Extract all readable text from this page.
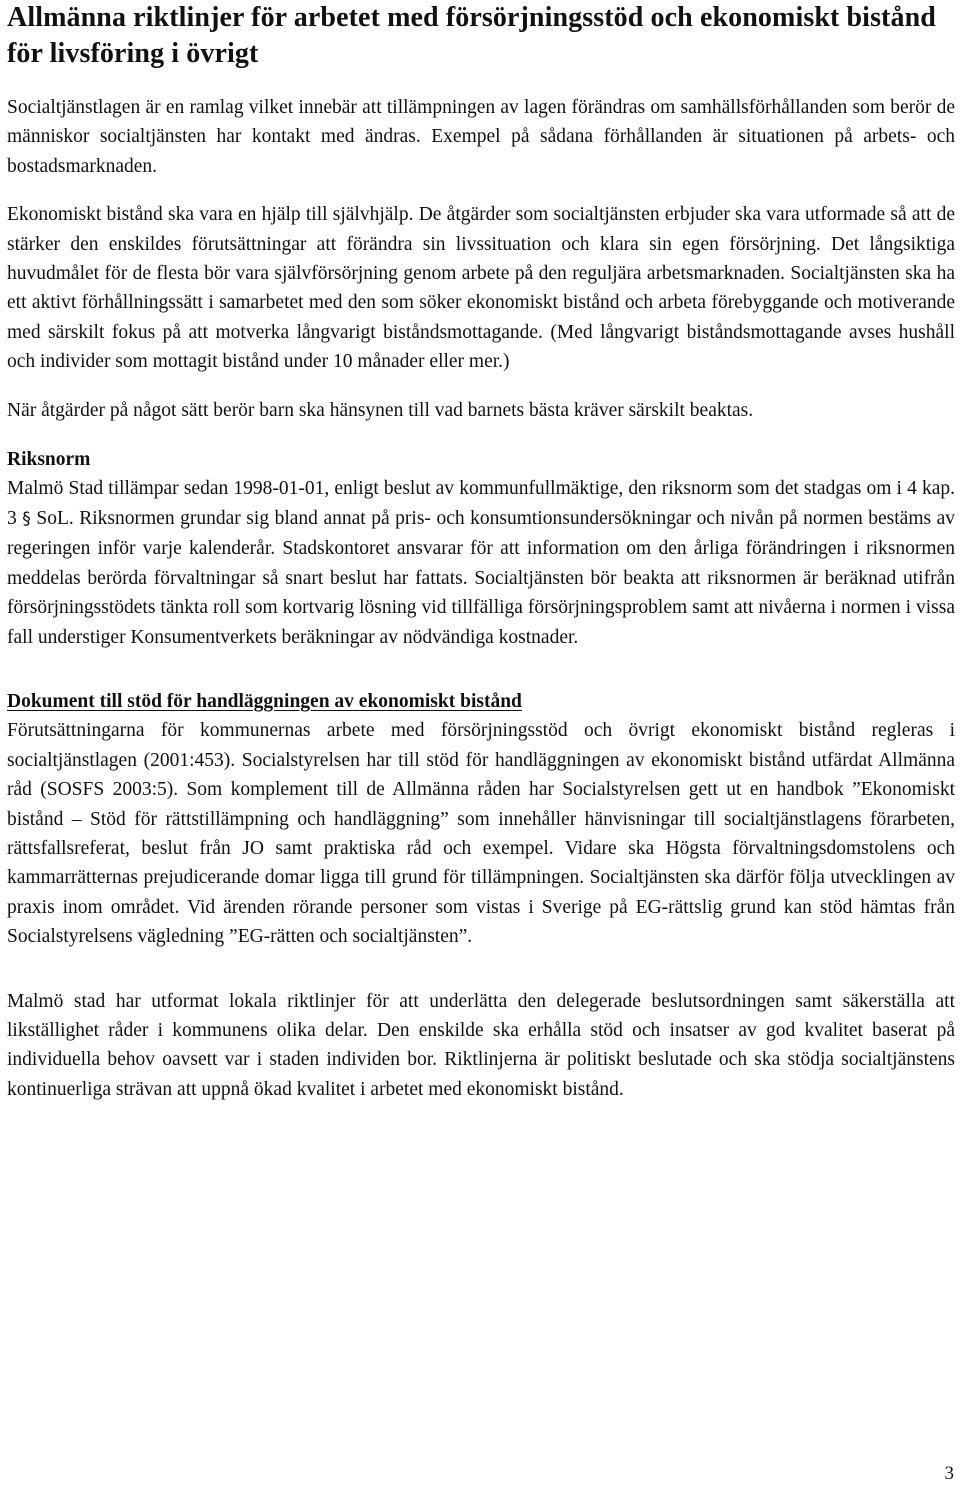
Allmänna riktlinjer för arbetet med försörjningsstöd och ekonomiskt bistånd för livsföring i övrigt

Socialtjänstlagen är en ramlag vilket innebär att tillämpningen av lagen förändras om samhällsförhållanden som berör de människor socialtjänsten har kontakt med ändras. Exempel på sådana förhållanden är situationen på arbets- och bostadsmarknaden.

Ekonomiskt bistånd ska vara en hjälp till självhjälp. De åtgärder som socialtjänsten erbjuder ska vara utformade så att de stärker den enskildes förutsättningar att förändra sin livssituation och klara sin egen försörjning. Det långsiktiga huvudmålet för de flesta bör vara självförsörjning genom arbete på den reguljära arbetsmarknaden. Socialtjänsten ska ha ett aktivt förhållningssätt i samarbetet med den som söker ekonomiskt bistånd och arbeta förebyggande och motiverande med särskilt fokus på att motverka långvarigt biståndsmottagande. (Med långvarigt biståndsmottagande avses hushåll och individer som mottagit bistånd under 10 månader eller mer.)

När åtgärder på något sätt berör barn ska hänsynen till vad barnets bästa kräver särskilt beaktas.

Riksnorm

Malmö Stad tillämpar sedan 1998-01-01, enligt beslut av kommunfullmäktige, den riksnorm som det stadgas om i 4 kap. 3 § SoL. Riksnormen grundar sig bland annat på pris- och konsumtionsundersökningar och nivån på normen bestäms av regeringen inför varje kalenderår. Stadskontoret ansvarar för att information om den årliga förändringen i riksnormen meddelas berörda förvaltningar så snart beslut har fattats. Socialtjänsten bör beakta att riksnormen är beräknad utifrån försörjningsstödets tänkta roll som kortvarig lösning vid tillfälliga försörjningsproblem samt att nivåerna i normen i vissa fall understiger Konsumentverkets beräkningar av nödvändiga kostnader.

Dokument till stöd för handläggningen av ekonomiskt bistånd

Förutsättningarna för kommunernas arbete med försörjningsstöd och övrigt ekonomiskt bistånd regleras i socialtjänstlagen (2001:453). Socialstyrelsen har till stöd för handläggningen av ekonomiskt bistånd utfärdat Allmänna råd (SOSFS 2003:5). Som komplement till de Allmänna råden har Socialstyrelsen gett ut en handbok ”Ekonomiskt bistånd – Stöd för rättstillämpning och handläggning” som innehåller hänvisningar till socialtjänstlagens förarbeten, rättsfallsreferat, beslut från JO samt praktiska råd och exempel. Vidare ska Högsta förvaltningsdomstolens och kammarrätternas prejudicerande domar ligga till grund för tillämpningen. Socialtjänsten ska därför följa utvecklingen av praxis inom området. Vid ärenden rörande personer som vistas i Sverige på EG-rättslig grund kan stöd hämtas från Socialstyrelsens vägledning ”EG-rätten och socialtjänsten”.

Malmö stad har utformat lokala riktlinjer för att underlätta den delegerade beslutsordningen samt säkerställa att likställighet råder i kommunens olika delar. Den enskilde ska erhålla stöd och insatser av god kvalitet baserat på individuella behov oavsett var i staden individen bor. Riktlinjerna är politiskt beslutade och ska stödja socialtjänstens kontinuerliga strävan att uppnå ökad kvalitet i arbetet med ekonomiskt bistånd.

3
